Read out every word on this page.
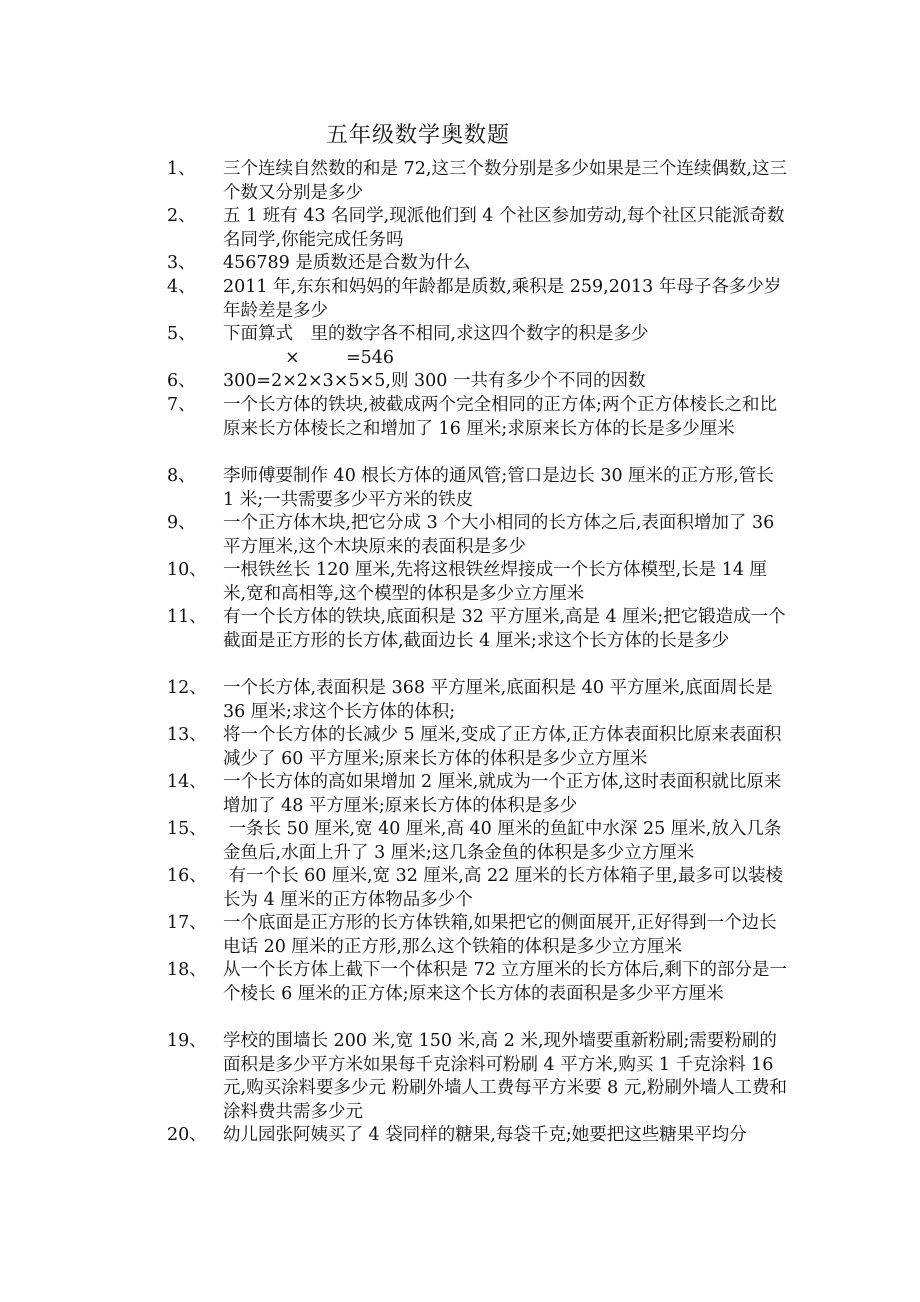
五年级数学奥数题
1、	三个连续自然数的和是 72,这三个数分别是多少如果是三个连续偶数,这三个数又分别是多少
2、	五 1 班有 43 名同学,现派他们到 4 个社区参加劳动,每个社区只能派奇数名同学,你能完成任务吗
3、	456789 是质数还是合数为什么
4、	2011 年,东东和妈妈的年龄都是质数,乘积是 259,2013 年母子各多少岁年龄差是多少
5、	下面算式　里的数字各不相同,求这四个数字的积是多少
×	=546
6、	300=2×2×3×5×5,则 300 一共有多少个不同的因数
7、	一个长方体的铁块,被截成两个完全相同的正方体;两个正方体棱长之和比原来长方体棱长之和增加了 16 厘米;求原来长方体的长是多少厘米
8、	李师傅要制作 40 根长方体的通风管;管口是边长 30 厘米的正方形,管长 1 米;一共需要多少平方米的铁皮
9、	一个正方体木块,把它分成 3 个大小相同的长方体之后,表面积增加了 36 平方厘米,这个木块原来的表面积是多少
10、 一根铁丝长 120 厘米,先将这根铁丝焊接成一个长方体模型,长是 14 厘米,宽和高相等,这个模型的体积是多少立方厘米
11、 有一个长方体的铁块,底面积是 32 平方厘米,高是 4 厘米;把它锻造成一个截面是正方形的长方体,截面边长 4 厘米;求这个长方体的长是多少
12、 一个长方体,表面积是 368 平方厘米,底面积是 40 平方厘米,底面周长是 36 厘米;求这个长方体的体积;
13、 将一个长方体的长减少 5 厘米,变成了正方体,正方体表面积比原来表面积减少了 60 平方厘米;原来长方体的体积是多少立方厘米
14、 一个长方体的高如果增加 2 厘米,就成为一个正方体,这时表面积就比原来增加了 48 平方厘米;原来长方体的体积是多少
15、 一条长 50 厘米,宽 40 厘米,高 40 厘米的鱼缸中水深 25 厘米,放入几条金鱼后,水面上升了 3 厘米;这几条金鱼的体积是多少立方厘米
16、 有一个长 60 厘米,宽 32 厘米,高 22 厘米的长方体箱子里,最多可以装棱长为 4 厘米的正方体物品多少个
17、 一个底面是正方形的长方体铁箱,如果把它的侧面展开,正好得到一个边长电话 20 厘米的正方形,那么这个铁箱的体积是多少立方厘米
18、 从一个长方体上截下一个体积是 72 立方厘米的长方体后,剩下的部分是一个棱长 6 厘米的正方体;原来这个长方体的表面积是多少平方厘米
19、 学校的围墙长 200 米,宽 150 米,高 2 米,现外墙要重新粉刷;需要粉刷的面积是多少平方米如果每千克涂料可粉刷 4 平方米,购买 1 千克涂料 16 元,购买涂料要多少元 粉刷外墙人工费每平方米要 8 元,粉刷外墙人工费和涂料费共需多少元
20、 幼儿园张阿姨买了 4 袋同样的糖果,每袋千克;她要把这些糖果平均分
